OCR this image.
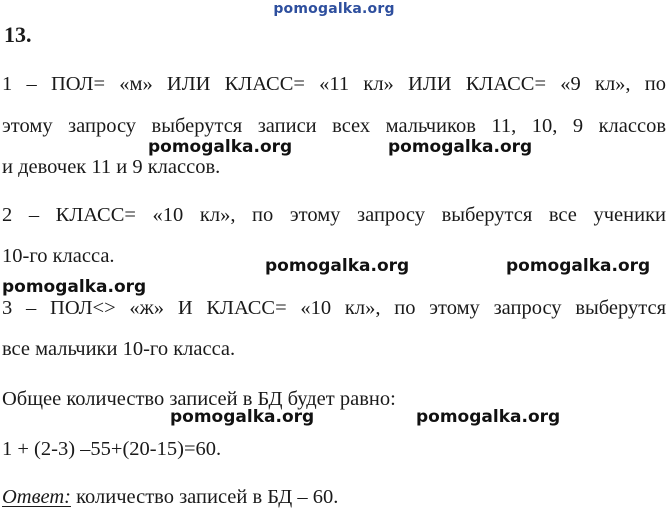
pomogalka.org
13.
1 – ПОЛ= «м» ИЛИ КЛАСС= «11 кл» ИЛИ КЛАСС= «9 кл», по
этому запросу выберутся записи всех мальчиков 11, 10, 9 классов
и девочек 11 и 9 классов.
2 – КЛАСС= «10 кл», по этому запросу выберутся все ученики
10-го класса.
3 – ПОЛ<> «ж» И КЛАСС= «10 кл», по этому запросу выберутся
все мальчики 10-го класса.
Общее количество записей в БД будет равно:
1 + (2-3) –55+(20-15)=60.
Ответ: количество записей в БД – 60.
pomogalka.org	pomogalka.org
pomogalka.org	pomogalka.org
pomogalka.org
pomogalka.org	pomogalka.org
